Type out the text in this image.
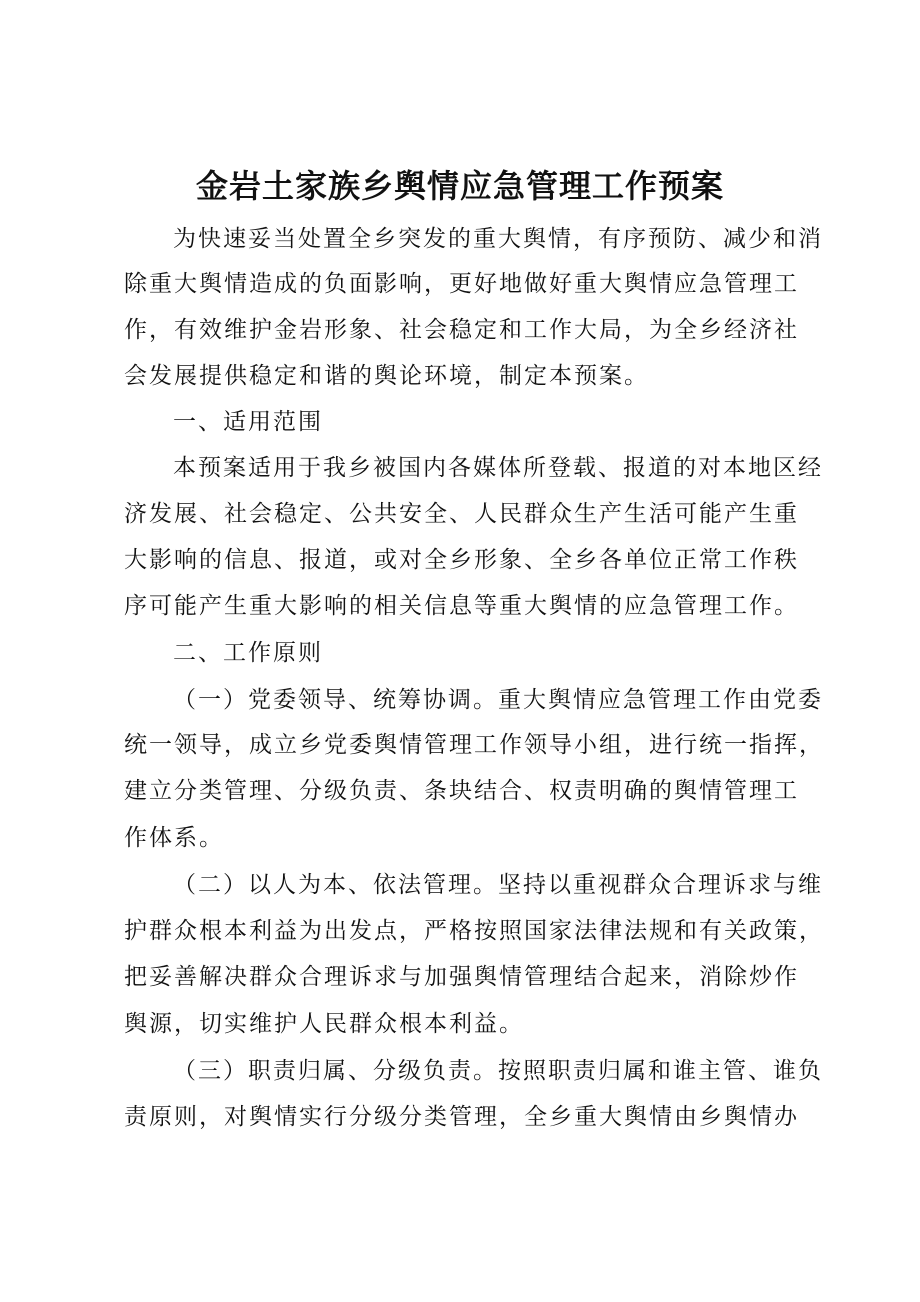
金岩土家族乡舆情应急管理工作预案
为快速妥当处置全乡突发的重大舆情，有序预防、减少和消
除重大舆情造成的负面影响，更好地做好重大舆情应急管理工
作，有效维护金岩形象、社会稳定和工作大局，为全乡经济社
会发展提供稳定和谐的舆论环境，制定本预案。
一、适用范围
本预案适用于我乡被国内各媒体所登载、报道的对本地区经
济发展、社会稳定、公共安全、人民群众生产生活可能产生重
大影响的信息、报道，或对全乡形象、全乡各单位正常工作秩
序可能产生重大影响的相关信息等重大舆情的应急管理工作。
二、工作原则
（一）党委领导、统筹协调。重大舆情应急管理工作由党委
统一领导，成立乡党委舆情管理工作领导小组，进行统一指挥，
建立分类管理、分级负责、条块结合、权责明确的舆情管理工
作体系。
（二）以人为本、依法管理。坚持以重视群众合理诉求与维
护群众根本利益为出发点，严格按照国家法律法规和有关政策，
把妥善解决群众合理诉求与加强舆情管理结合起来，消除炒作
舆源，切实维护人民群众根本利益。
（三）职责归属、分级负责。按照职责归属和谁主管、谁负
责原则，对舆情实行分级分类管理，全乡重大舆情由乡舆情办
